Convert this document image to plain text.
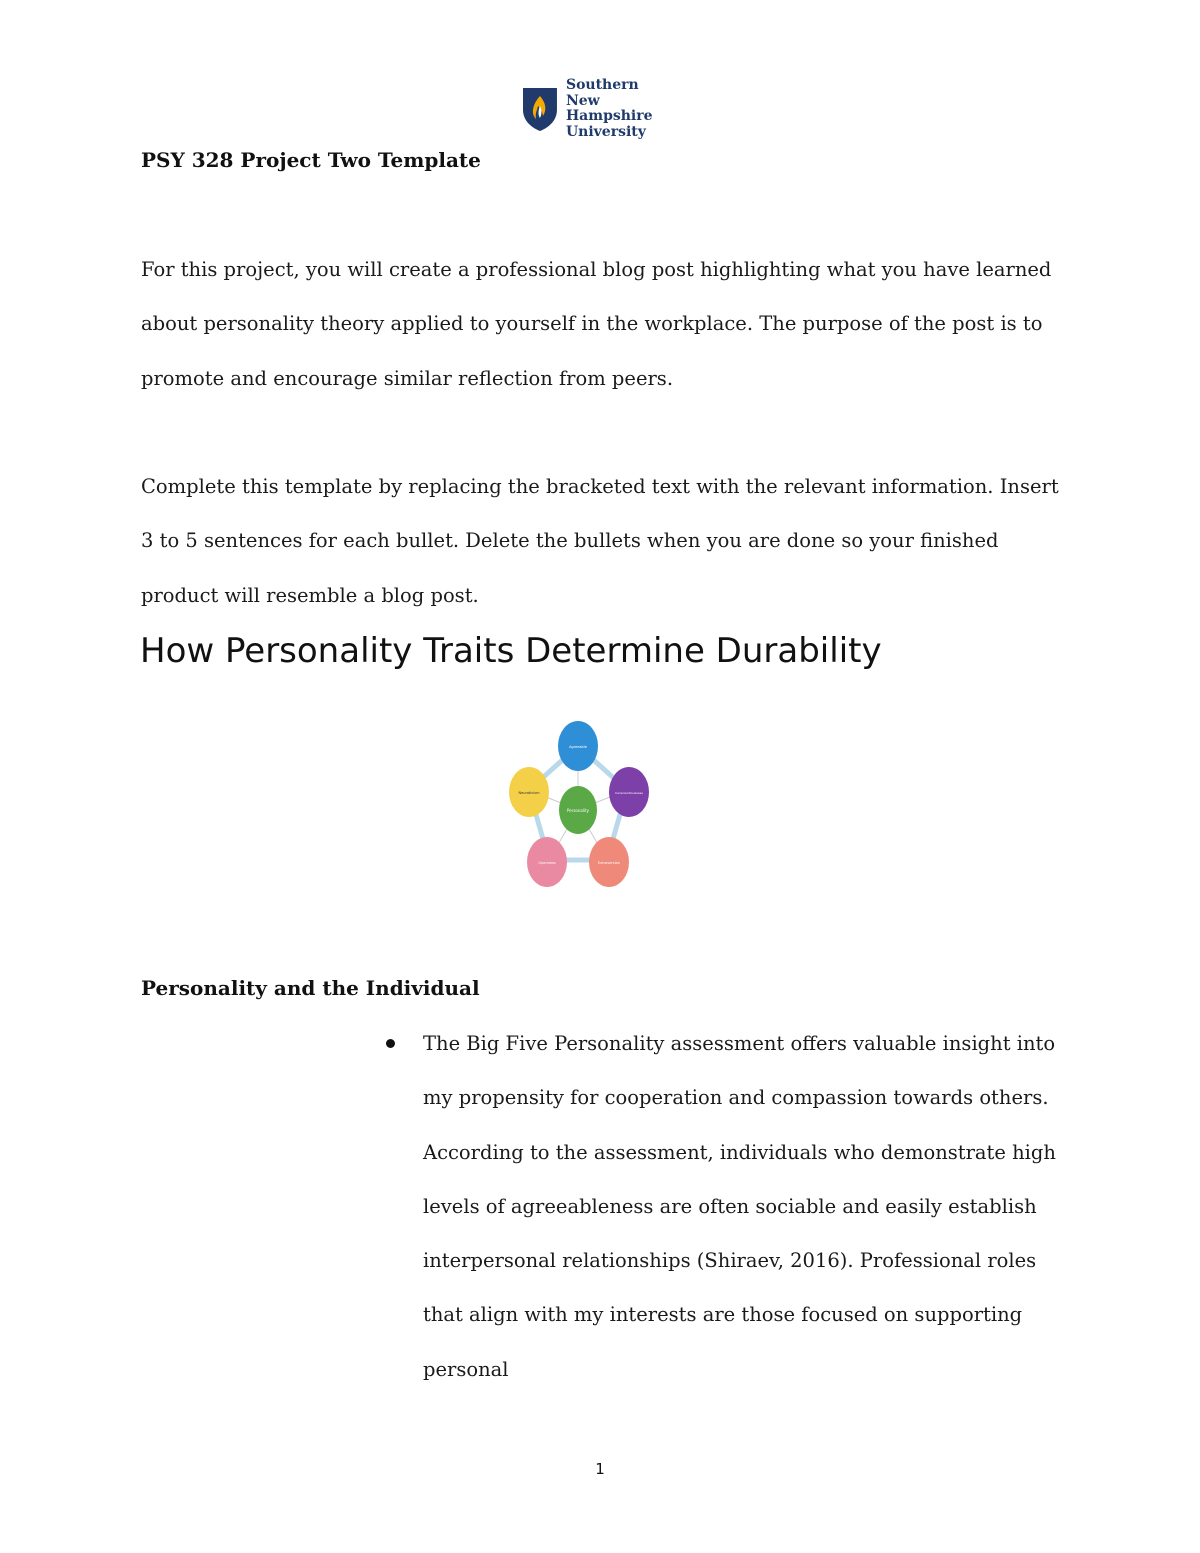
Southern
New Hampshire
University
PSY 328 Project Two Template

For this project, you will create a professional blog post highlighting what you have learned about personality theory applied to yourself in the workplace. The purpose of the post is to promote and encourage similar reflection from peers.

Complete this template by replacing the bracketed text with the relevant information. Insert 3 to 5 sentences for each bullet. Delete the bullets when you are done so your finished product will resemble a blog post.

How Personality Traits Determine Durability
Personality
Agreeable
Conscientiousness
Extraversion
Openness
Neuroticism
Personality and the Individual
The Big Five Personality assessment offers valuable insight into my propensity for cooperation and compassion towards others. According to the assessment, individuals who demonstrate high levels of agreeableness are often sociable and easily establish interpersonal relationships (Shiraev, 2016). Professional roles that align with my interests are those focused on supporting personal
1
